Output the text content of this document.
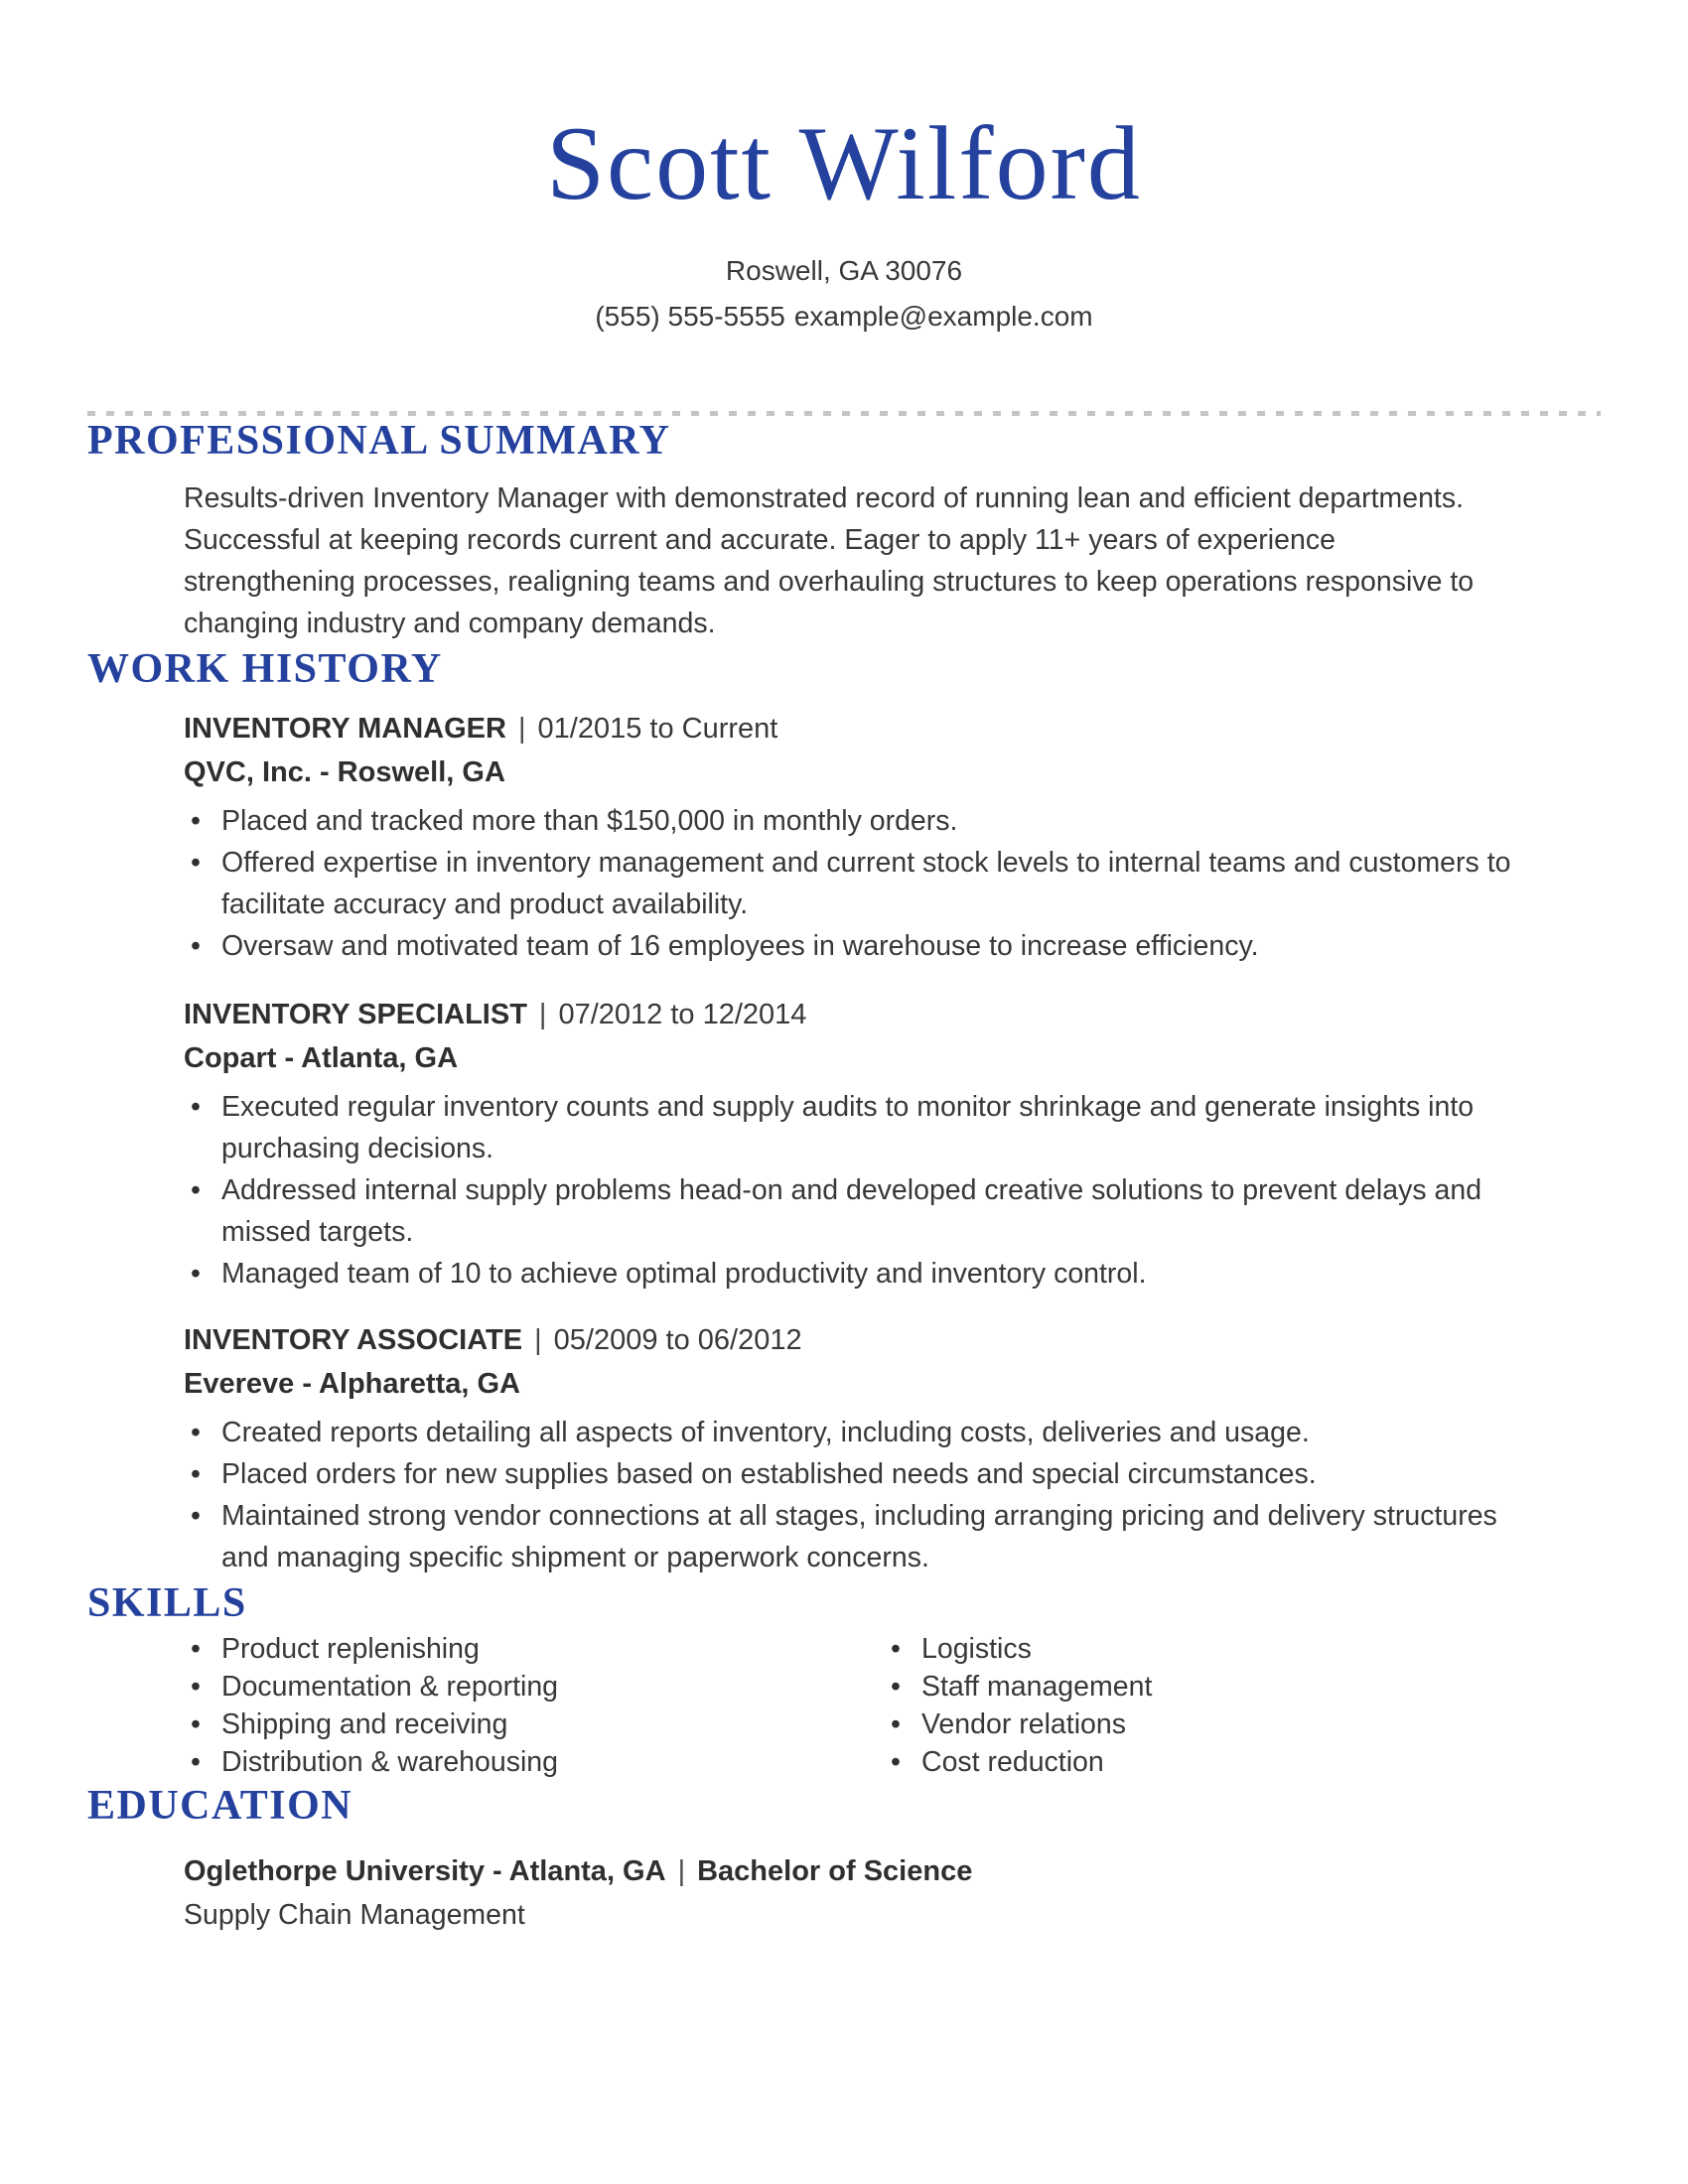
Scott Wilford
Roswell, GA 30076
(555) 555-5555 example@example.com
PROFESSIONAL SUMMARY

Results-driven Inventory Manager with demonstrated record of running lean and efficient departments. Successful at keeping records current and accurate. Eager to apply 11+ years of experience strengthening processes, realigning teams and overhauling structures to keep operations responsive to changing industry and company demands.

WORK HISTORY
INVENTORY MANAGER | 01/2015 to Current
QVC, Inc. - Roswell, GA
• Placed and tracked more than $150,000 in monthly orders.
• Offered expertise in inventory management and current stock levels to internal teams and customers to facilitate accuracy and product availability.
• Oversaw and motivated team of 16 employees in warehouse to increase efficiency.
INVENTORY SPECIALIST | 07/2012 to 12/2014
Copart - Atlanta, GA
• Executed regular inventory counts and supply audits to monitor shrinkage and generate insights into purchasing decisions.
• Addressed internal supply problems head-on and developed creative solutions to prevent delays and missed targets.
• Managed team of 10 to achieve optimal productivity and inventory control.
INVENTORY ASSOCIATE | 05/2009 to 06/2012
Evereve - Alpharetta, GA
• Created reports detailing all aspects of inventory, including costs, deliveries and usage.
• Placed orders for new supplies based on established needs and special circumstances.
• Maintained strong vendor connections at all stages, including arranging pricing and delivery structures and managing specific shipment or paperwork concerns.
SKILLS
• Product replenishing
• Documentation & reporting
• Shipping and receiving
• Distribution & warehousing
• Logistics
• Staff management
• Vendor relations
• Cost reduction
EDUCATION
Oglethorpe University - Atlanta, GA | Bachelor of Science
Supply Chain Management
